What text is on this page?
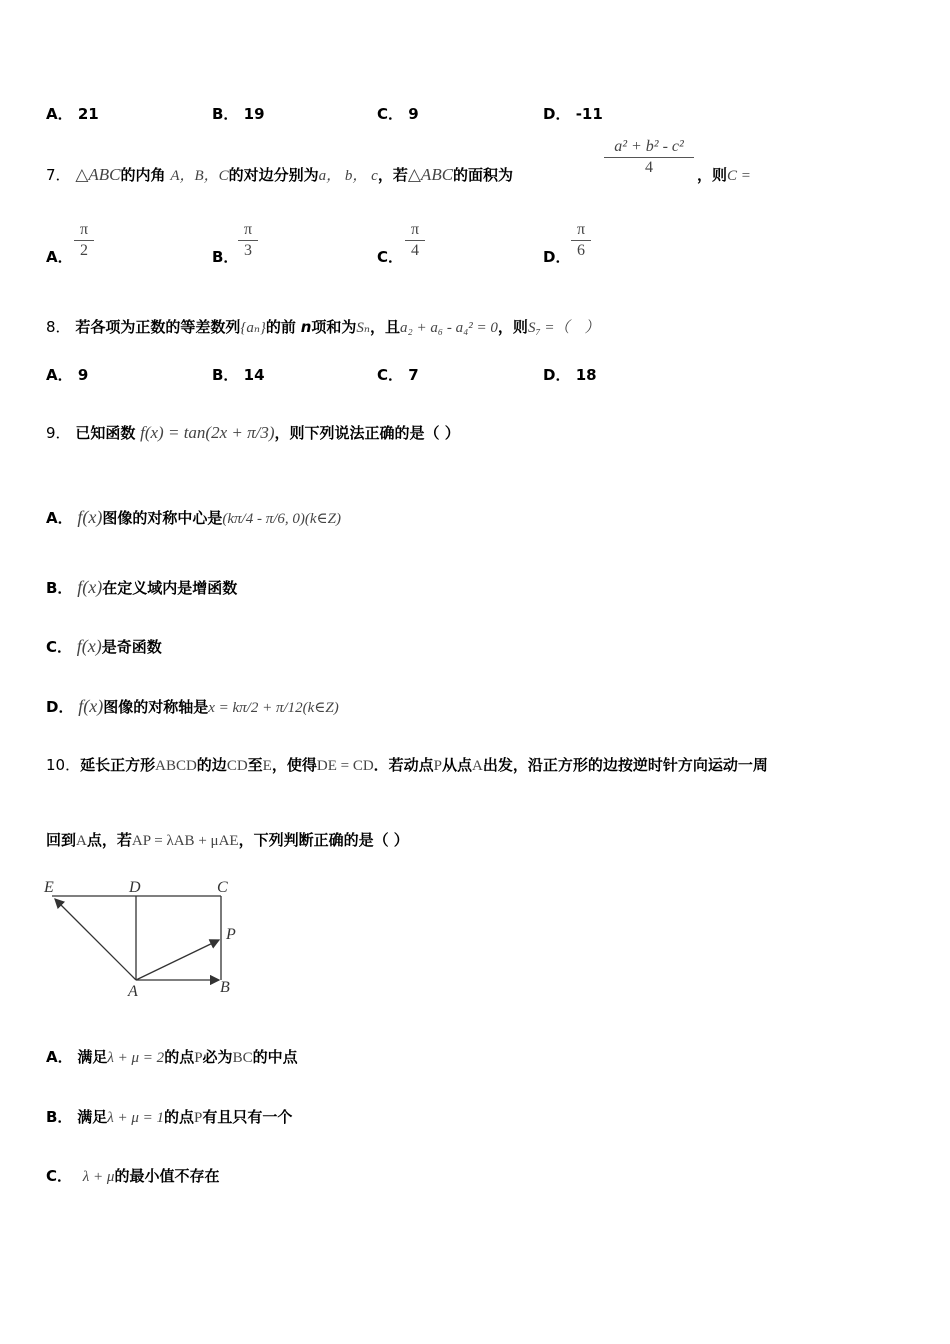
A． 21	B． 19	C． 9	D． -11
7． △ABC的内角 A，B，C的对边分别为a， b， c，若△ABC的面积为
a² + b² - c²
4	，则C =
A．
π
2	B．
π
3	C．
π
4	D．
π
6
8． 若各项为正数的等差数列{aₙ}的前 n项和为Sₙ，且a₂ + a₆ - a₄² = 0，则S₇ =（　）
A． 9	B． 14	C． 7	D． 18
9． 已知函数 f(x) = tan(2x + π/3)，则下列说法正确的是（ ）
A． f(x)图像的对称中心是(kπ/4 - π/6, 0)(k∈Z)
B． f(x)在定义域内是增函数
C． f(x)是奇函数
D． f(x)图像的对称轴是x = kπ/2 + π/12(k∈Z)
10．延长正方形ABCD的边CD至E，使得DE = CD．若动点P从点A出发，沿正方形的边按逆时针方向运动一周
回到A点，若AP = λAB + μAE，下列判断正确的是（ ）
E	D	C
P
A	B
A． 满足λ + μ = 2的点P必为BC的中点
B． 满足λ + μ = 1的点P有且只有一个
C． λ + μ的最小值不存在
